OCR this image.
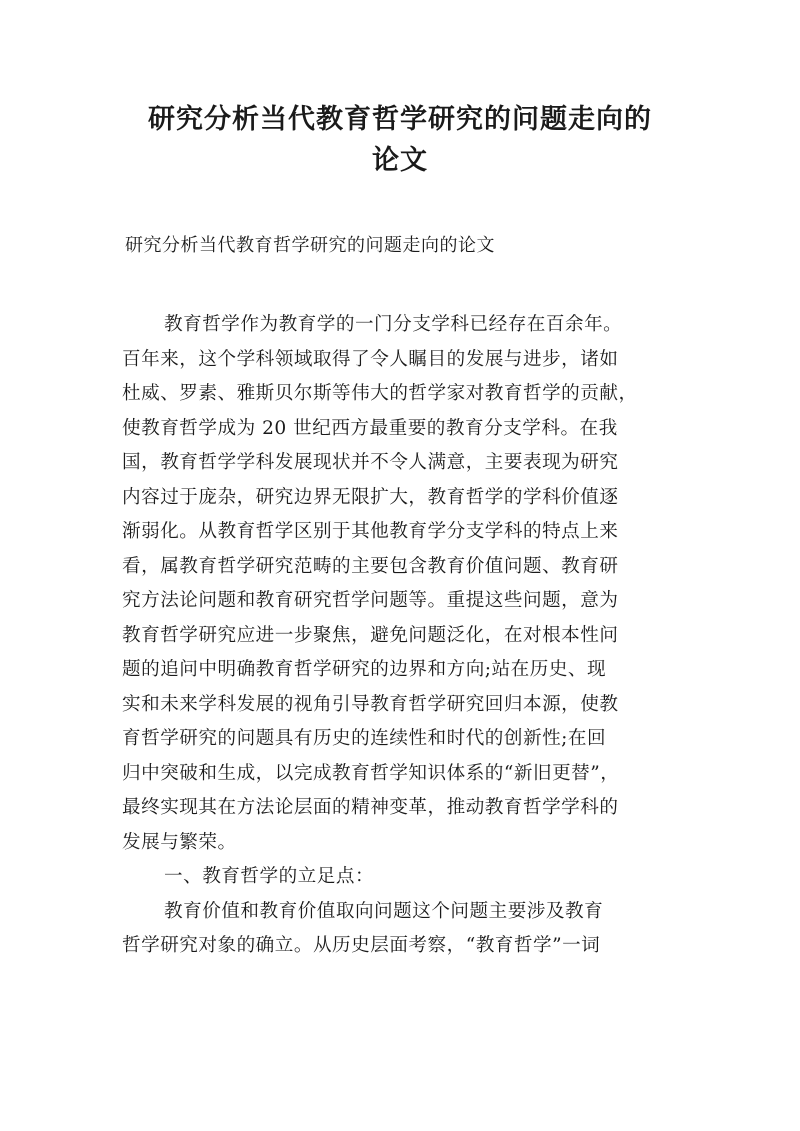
研究分析当代教育哲学研究的问题走向的
论文

研究分析当代教育哲学研究的问题走向的论文

教育哲学作为教育学的一门分支学科已经存在百余年。

百年来，这个学科领域取得了令人瞩目的发展与进步，诸如

杜威、罗素、雅斯贝尔斯等伟大的哲学家对教育哲学的贡献，

使教育哲学成为 20 世纪西方最重要的教育分支学科。在我

国，教育哲学学科发展现状并不令人满意，主要表现为研究

内容过于庞杂，研究边界无限扩大，教育哲学的学科价值逐

渐弱化。从教育哲学区别于其他教育学分支学科的特点上来

看，属教育哲学研究范畴的主要包含教育价值问题、教育研

究方法论问题和教育研究哲学问题等。重提这些问题，意为

教育哲学研究应进一步聚焦，避免问题泛化，在对根本性问

题的追问中明确教育哲学研究的边界和方向;站在历史、现

实和未来学科发展的视角引导教育哲学研究回归本源，使教

育哲学研究的问题具有历史的连续性和时代的创新性;在回

归中突破和生成，以完成教育哲学知识体系的“新旧更替”，

最终实现其在方法论层面的精神变革，推动教育哲学学科的

发展与繁荣。

一、教育哲学的立足点：

教育价值和教育价值取向问题这个问题主要涉及教育

哲学研究对象的确立。从历史层面考察，“教育哲学”一词
